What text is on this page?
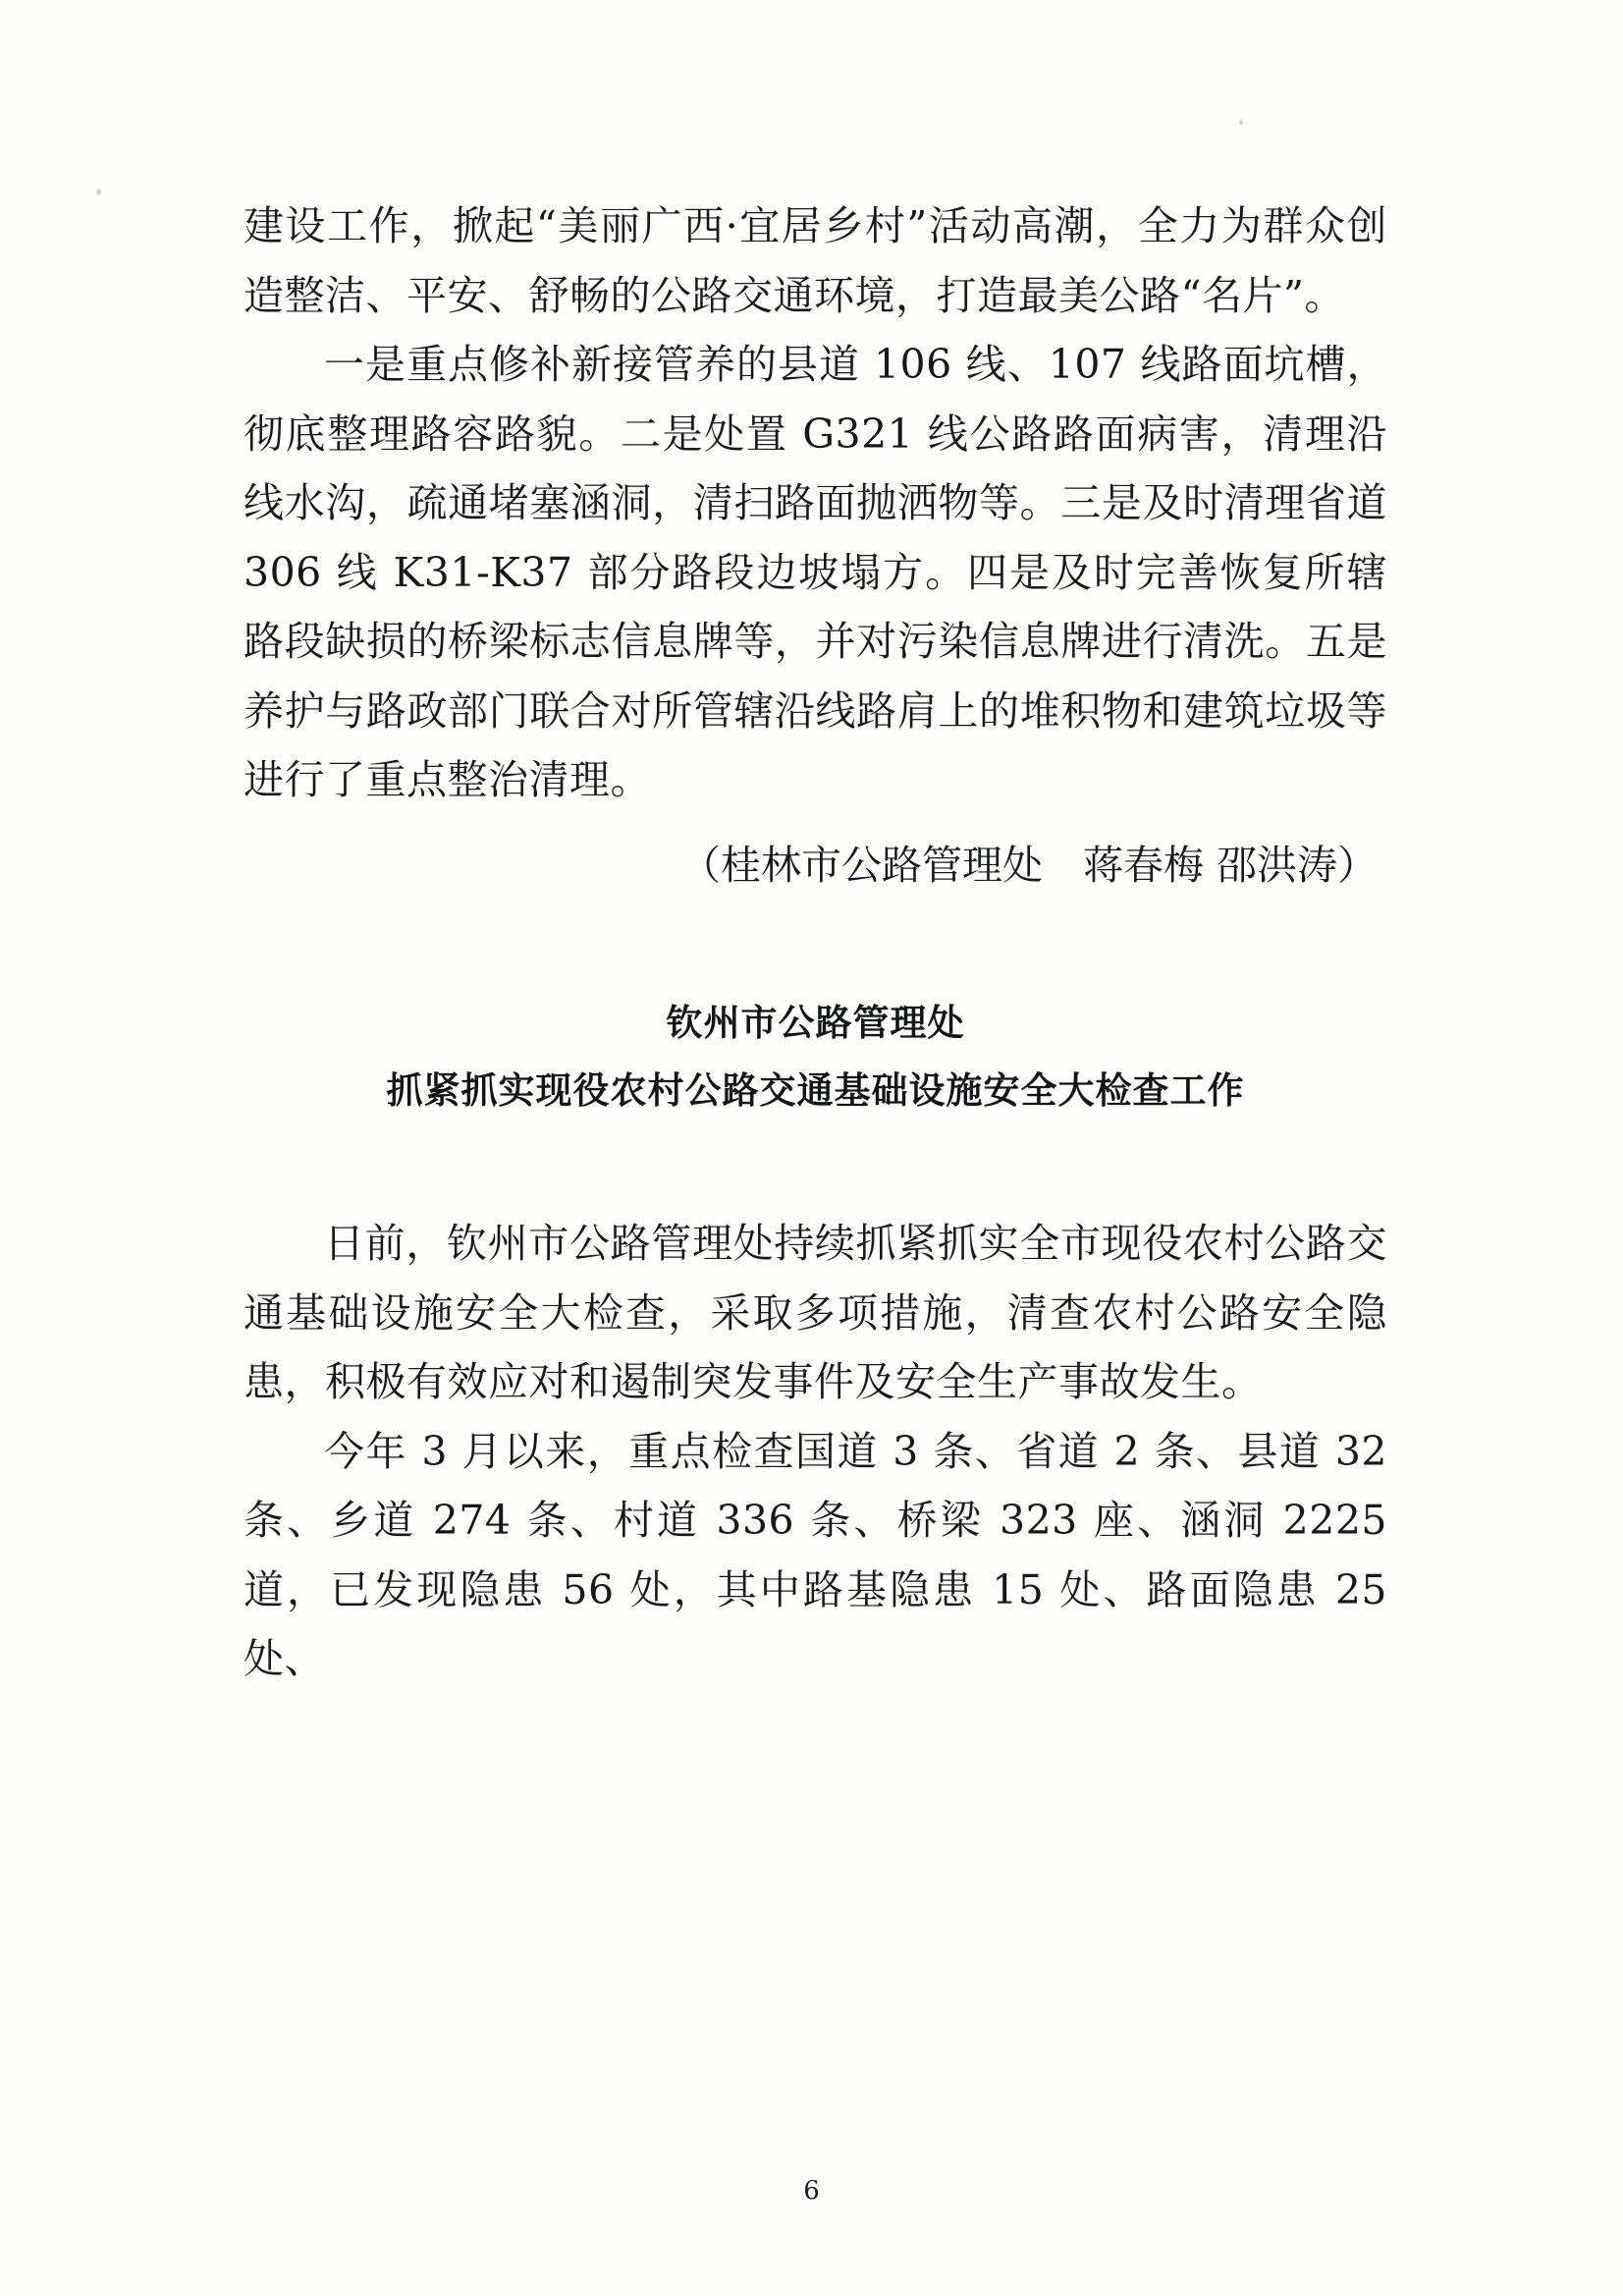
建设工作，掀起“美丽广西·宜居乡村”活动高潮，全力为群众创造整洁、平安、舒畅的公路交通环境，打造最美公路“名片”。

一是重点修补新接管养的县道 106 线、107 线路面坑槽，彻底整理路容路貌。二是处置 G321 线公路路面病害，清理沿线水沟，疏通堵塞涵洞，清扫路面抛洒物等。三是及时清理省道 306 线 K31-K37 部分路段边坡塌方。四是及时完善恢复所辖路段缺损的桥梁标志信息牌等，并对污染信息牌进行清洗。五是养护与路政部门联合对所管辖沿线路肩上的堆积物和建筑垃圾等进行了重点整治清理。

（桂林市公路管理处　蒋春梅 邵洪涛）
钦州市公路管理处
抓紧抓实现役农村公路交通基础设施安全大检查工作

日前，钦州市公路管理处持续抓紧抓实全市现役农村公路交通基础设施安全大检查，采取多项措施，清查农村公路安全隐患，积极有效应对和遏制突发事件及安全生产事故发生。

今年 3 月以来，重点检查国道 3 条、省道 2 条、县道 32 条、乡道 274 条、村道 336 条、桥梁 323 座、涵洞 2225 道，已发现隐患 56 处，其中路基隐患 15 处、路面隐患 25 处、

6
